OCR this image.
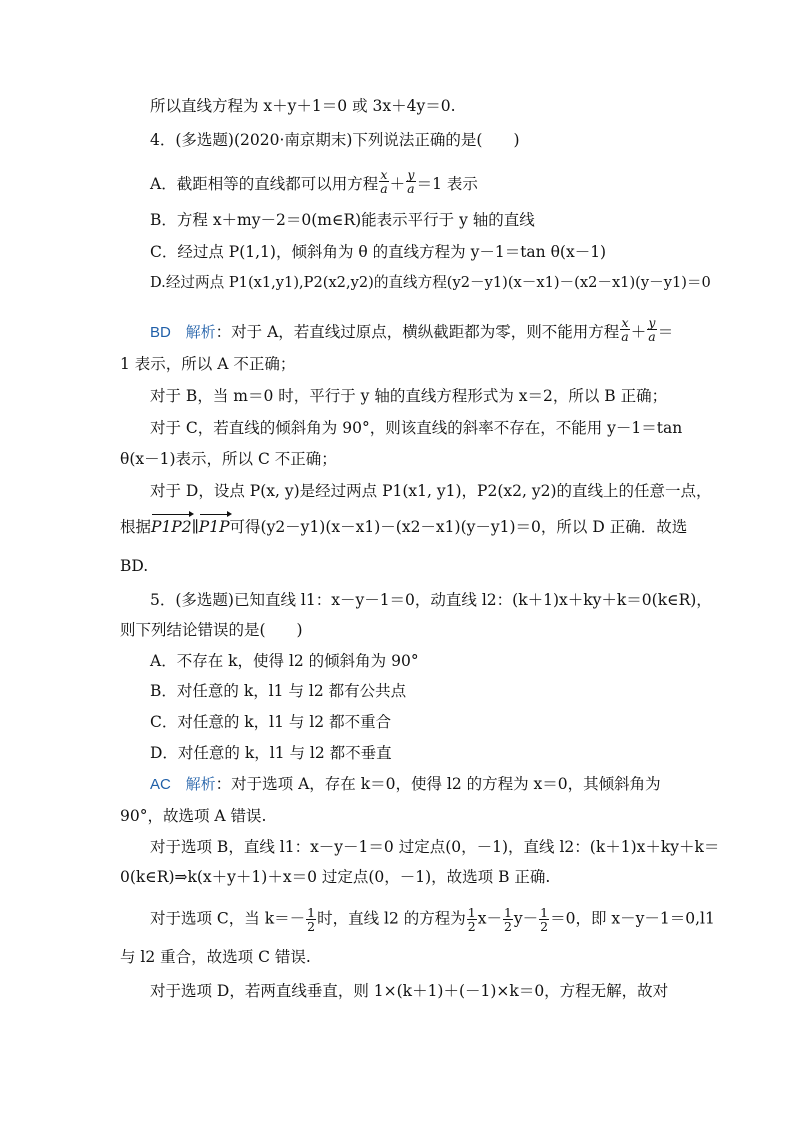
所以直线方程为 x＋y＋1＝0 或 3x＋4y＝0.
4．(多选题)(2020·南京期末)下列说法正确的是(　　)
A．截距相等的直线都可以用方程 $\frac{x}{a} + \frac{y}{a} =1$ 表示
B．方程 x＋my－2＝0(m∈R)能表示平行于 y 轴的直线
C．经过点 P(1,1)，倾斜角为 θ 的直线方程为 y－1＝tan θ(x－1)
D.经过两点 P1(x1,y1),P2(x2,y2)的直线方程(y2－y1)(x－x1)－(x2－x1)(y－y1)＝0
BD 解析：对于 A，若直线过原点，横纵截距都为零，则不能用方程 $\frac{x}{a} + \frac{y}{a}$ ＝
1 表示，所以 A 不正确；
对于 B，当 m＝0 时，平行于 y 轴的直线方程形式为 x＝2，所以 B 正确；
对于 C，若直线的倾斜角为 90°，则该直线的斜率不存在，不能用 y－1＝tan
θ(x－1)表示，所以 C 不正确；
对于 D，设点 P(x, y)是经过两点 P1(x1, y1)，P2(x2, y2)的直线上的任意一点，
根据P1P2∥P1P可得(y2－y1)(x－x1)－(x2－x1)(y－y1)＝0，所以 D 正确．故选
BD.
5．(多选题)已知直线 l1：x－y－1＝0，动直线 l2：(k＋1)x＋ky＋k＝0(k∈R)，
则下列结论错误的是(　　)
A．不存在 k，使得 l2 的倾斜角为 90°
B．对任意的 k，l1 与 l2 都有公共点
C．对任意的 k，l1 与 l2 都不重合
D．对任意的 k，l1 与 l2 都不垂直
AC 解析：对于选项 A，存在 k＝0，使得 l2 的方程为 x＝0，其倾斜角为
90°，故选项 A 错误.
对于选项 B，直线 l1：x－y－1＝0 过定点(0，－1)，直线 l2：(k＋1)x＋ky＋k＝
0(k∈R)⇒k(x＋y＋1)＋x＝0 过定点(0，－1)，故选项 B 正确.
对于选项 C，当 $k=- \frac{1}{2}$ 时，直线 l2 的方程为 $\frac{1}{2} x- \frac{1}{2} y- \frac{1}{2} =0$，即 x－y－1＝0,l1
与 l2 重合，故选项 C 错误.
对于选项 D，若两直线垂直，则 1×(k＋1)＋(－1)×k＝0，方程无解，故对
